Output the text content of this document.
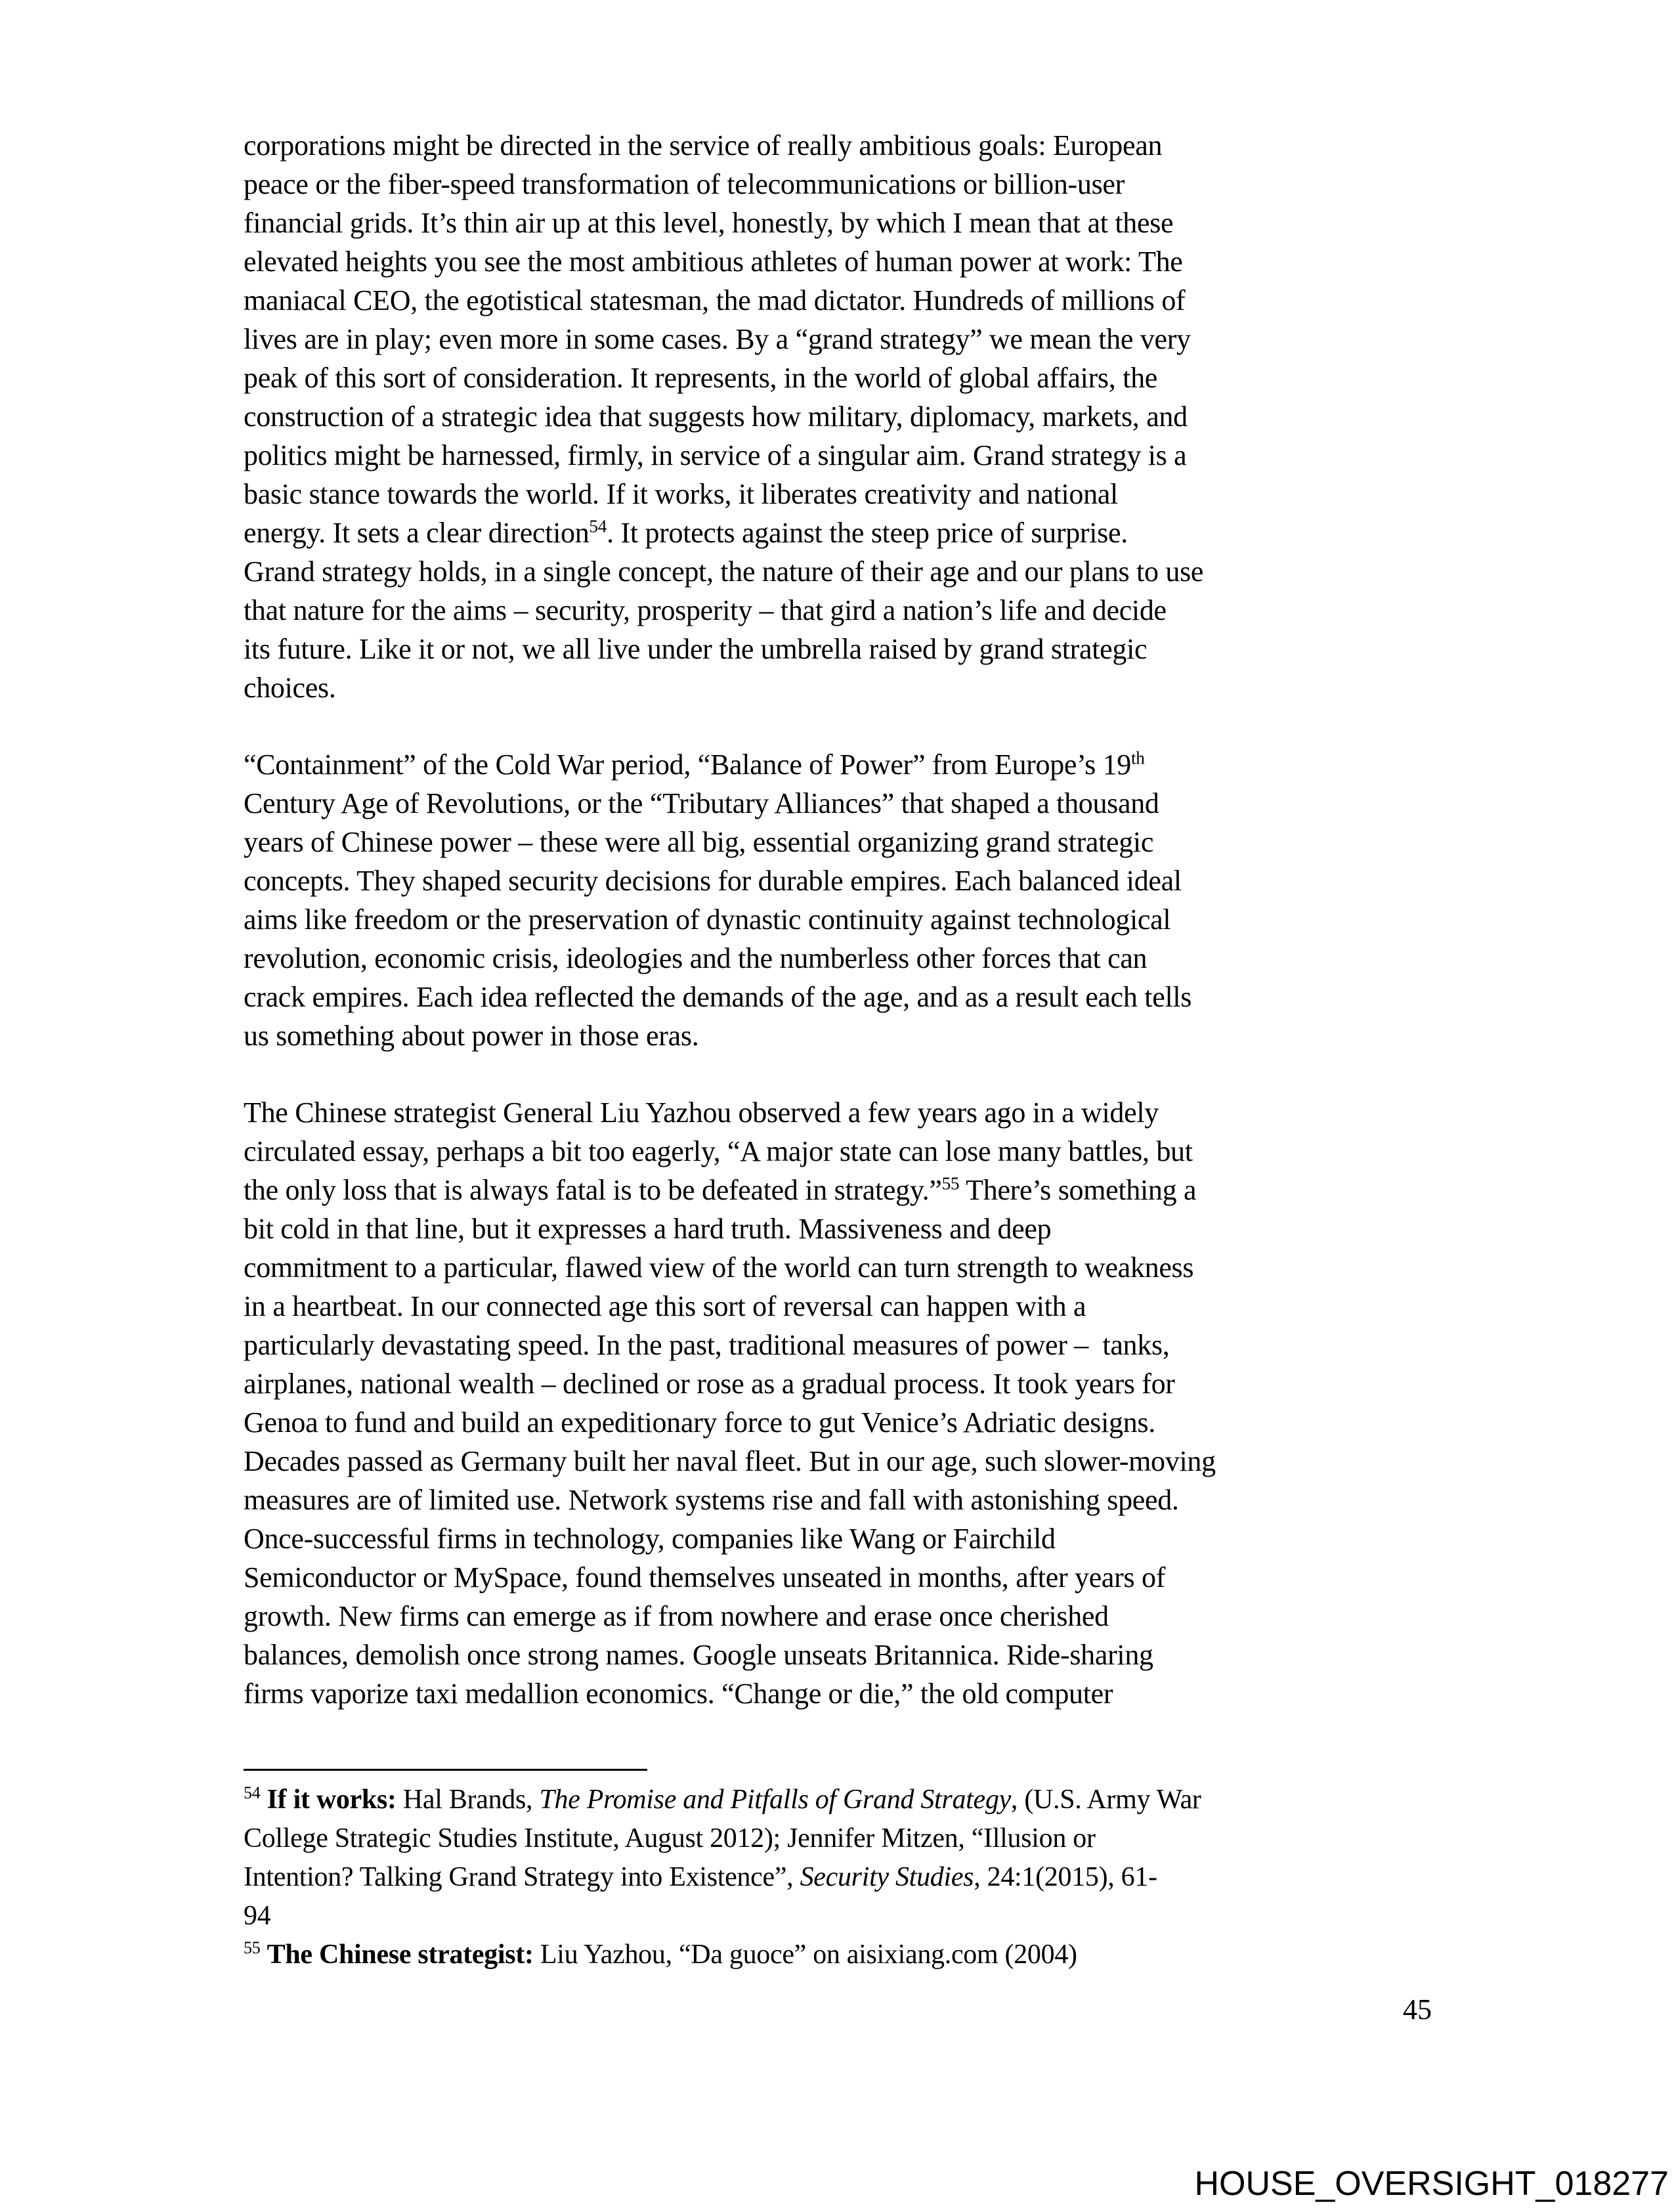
corporations might be directed in the service of really ambitious goals: European
peace or the fiber-speed transformation of telecommunications or billion-user
financial grids. It’s thin air up at this level, honestly, by which I mean that at these
elevated heights you see the most ambitious athletes of human power at work: The
maniacal CEO, the egotistical statesman, the mad dictator. Hundreds of millions of
lives are in play; even more in some cases. By a “grand strategy” we mean the very
peak of this sort of consideration. It represents, in the world of global affairs, the
construction of a strategic idea that suggests how military, diplomacy, markets, and
politics might be harnessed, firmly, in service of a singular aim. Grand strategy is a
basic stance towards the world. If it works, it liberates creativity and national
energy. It sets a clear direction$^{54}$. It protects against the steep price of surprise.
Grand strategy holds, in a single concept, the nature of their age and our plans to use
that nature for the aims – security, prosperity – that gird a nation’s life and decide
its future. Like it or not, we all live under the umbrella raised by grand strategic
choices.
“Containment” of the Cold War period, “Balance of Power” from Europe’s 19th
Century Age of Revolutions, or the “Tributary Alliances” that shaped a thousand
years of Chinese power – these were all big, essential organizing grand strategic
concepts. They shaped security decisions for durable empires. Each balanced ideal
aims like freedom or the preservation of dynastic continuity against technological
revolution, economic crisis, ideologies and the numberless other forces that can
crack empires. Each idea reflected the demands of the age, and as a result each tells
us something about power in those eras.
The Chinese strategist General Liu Yazhou observed a few years ago in a widely
circulated essay, perhaps a bit too eagerly, “A major state can lose many battles, but
the only loss that is always fatal is to be defeated in strategy.”$^{55}$ There’s something a
bit cold in that line, but it expresses a hard truth. Massiveness and deep
commitment to a particular, flawed view of the world can turn strength to weakness
in a heartbeat. In our connected age this sort of reversal can happen with a
particularly devastating speed. In the past, traditional measures of power –  tanks,
airplanes, national wealth – declined or rose as a gradual process. It took years for
Genoa to fund and build an expeditionary force to gut Venice’s Adriatic designs.
Decades passed as Germany built her naval fleet. But in our age, such slower-moving
measures are of limited use. Network systems rise and fall with astonishing speed.
Once-successful firms in technology, companies like Wang or Fairchild
Semiconductor or MySpace, found themselves unseated in months, after years of
growth. New firms can emerge as if from nowhere and erase once cherished
balances, demolish once strong names. Google unseats Britannica. Ride-sharing
firms vaporize taxi medallion economics. “Change or die,” the old computer
$^{54}$ If it works: Hal Brands, The Promise and Pitfalls of Grand Strategy, (U.S. Army War
College Strategic Studies Institute, August 2012); Jennifer Mitzen, “Illusion or
Intention? Talking Grand Strategy into Existence”, Security Studies, 24:1(2015), 61-
94
$^{55}$ The Chinese strategist: Liu Yazhou, “Da guoce” on aisixiang.com (2004)
45
HOUSE_OVERSIGHT_018277
